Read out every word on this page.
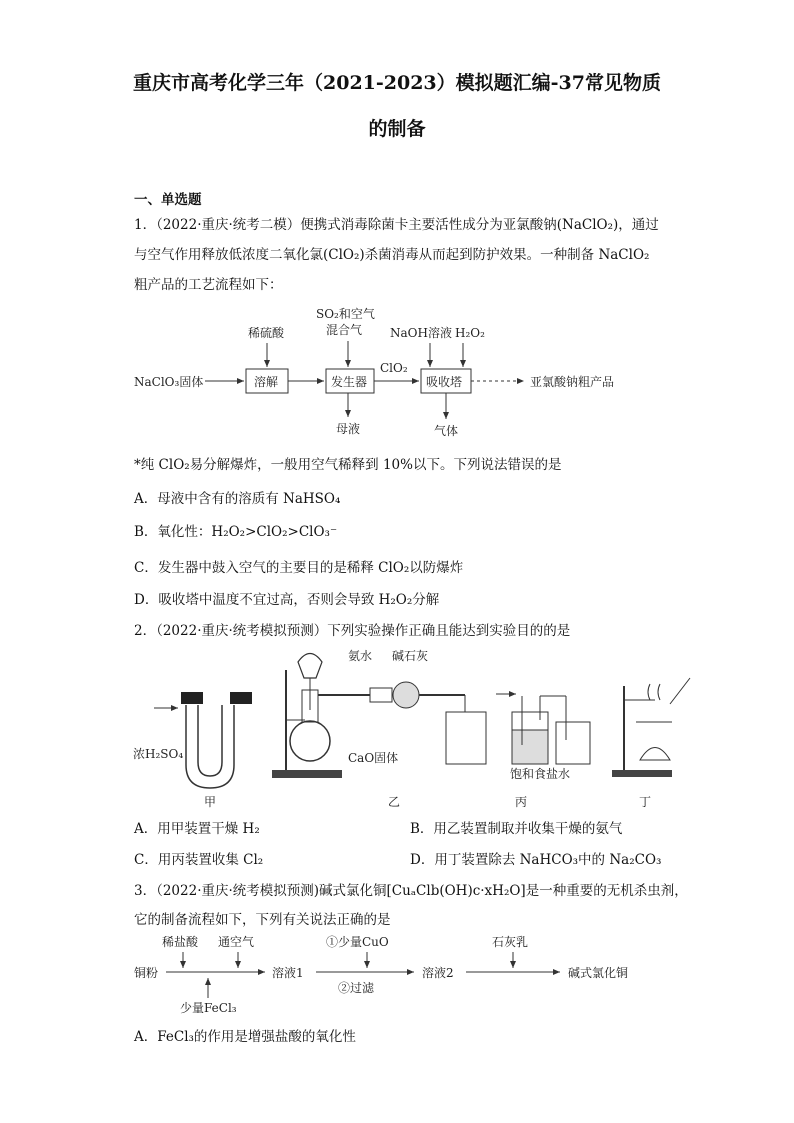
重庆市高考化学三年（2021-2023）模拟题汇编-37常见物质
的制备
一、单选题
1．（2022·重庆·统考二模）便携式消毒除菌卡主要活性成分为亚氯酸钠(NaClO₂)，通过
与空气作用释放低浓度二氧化氯(ClO₂)杀菌消毒从而起到防护效果。一种制备 NaClO₂
粗产品的工艺流程如下：
NaClO₃固体	溶解	发生器
ClO₂
吸收塔	亚氯酸钠粗产品
稀硫酸
SO₂和空气
混合气 NaOH溶液 H₂O₂
母液	气体
浓H₂SO₄
甲
氨水 碱石灰
CaO固体
乙
饱和食盐水
丙	丁
铜粉
稀盐酸 通空气
少量FeCl₃
溶液1
①少量CuO
②过滤
溶液2
石灰乳
碱式氯化铜
*纯 ClO₂易分解爆炸，一般用空气稀释到 10%以下。下列说法错误的是
A．母液中含有的溶质有 NaHSO₄
B．氧化性：H₂O₂>ClO₂>ClO₃⁻
C．发生器中鼓入空气的主要目的是稀释 ClO₂以防爆炸
D．吸收塔中温度不宜过高，否则会导致 H₂O₂分解
2．（2022·重庆·统考模拟预测）下列实验操作正确且能达到实验目的的是
A．用甲装置干燥 H₂	B．用乙装置制取并收集干燥的氨气
C．用丙装置收集 Cl₂	D．用丁装置除去 NaHCO₃中的 Na₂CO₃
3．（2022·重庆·统考模拟预测)碱式氯化铜[CuₐClb(OH)c·xH₂O]是一种重要的无机杀虫剂，
它的制备流程如下，下列有关说法正确的是
A．FeCl₃的作用是增强盐酸的氧化性
